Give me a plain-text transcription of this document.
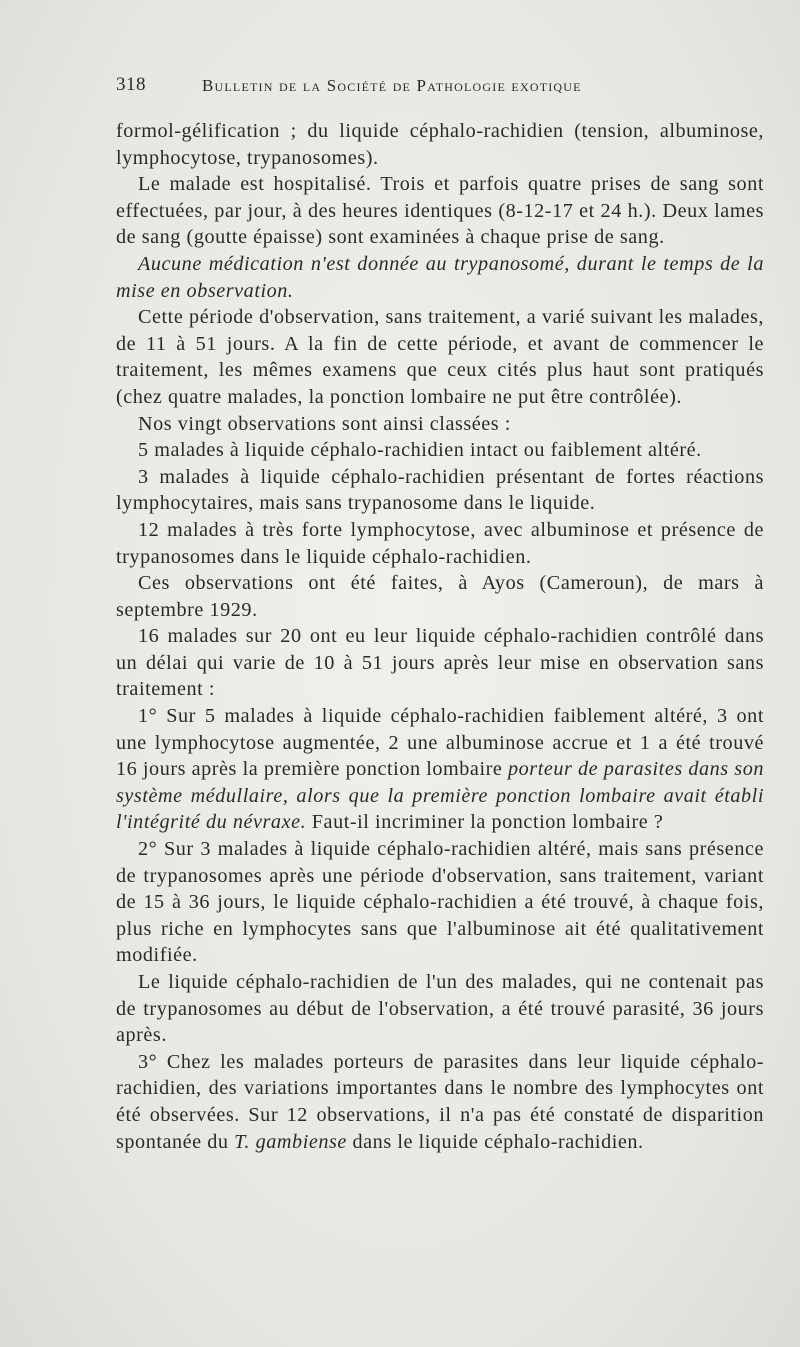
318	Bulletin de la Société de Pathologie exotique

formol-gélification ; du liquide céphalo-rachidien (tension, albuminose, lymphocytose, trypanosomes).

Le malade est hospitalisé. Trois et parfois quatre prises de sang sont effectuées, par jour, à des heures identiques (8-12-17 et 24 h.). Deux lames de sang (goutte épaisse) sont examinées à chaque prise de sang.

Aucune médication n'est donnée au trypanosomé, durant le temps de la mise en observation.

Cette période d'observation, sans traitement, a varié suivant les malades, de 11 à 51 jours. A la fin de cette période, et avant de commencer le traitement, les mêmes examens que ceux cités plus haut sont pratiqués (chez quatre malades, la ponction lombaire ne put être contrôlée).

Nos vingt observations sont ainsi classées :

5 malades à liquide céphalo-rachidien intact ou faiblement altéré.

3 malades à liquide céphalo-rachidien présentant de fortes réactions lymphocytaires, mais sans trypanosome dans le liquide.

12 malades à très forte lymphocytose, avec albuminose et présence de trypanosomes dans le liquide céphalo-rachidien.

Ces observations ont été faites, à Ayos (Cameroun), de mars à septembre 1929.

16 malades sur 20 ont eu leur liquide céphalo-rachidien contrôlé dans un délai qui varie de 10 à 51 jours après leur mise en observation sans traitement :

1° Sur 5 malades à liquide céphalo-rachidien faiblement altéré, 3 ont une lymphocytose augmentée, 2 une albuminose accrue et 1 a été trouvé 16 jours après la première ponction lombaire porteur de parasites dans son système médullaire, alors que la première ponction lombaire avait établi l'intégrité du névraxe. Faut-il incriminer la ponction lombaire ?

2° Sur 3 malades à liquide céphalo-rachidien altéré, mais sans présence de trypanosomes après une période d'observation, sans traitement, variant de 15 à 36 jours, le liquide céphalo-rachidien a été trouvé, à chaque fois, plus riche en lymphocytes sans que l'albuminose ait été qualitativement modifiée.

Le liquide céphalo-rachidien de l'un des malades, qui ne contenait pas de trypanosomes au début de l'observation, a été trouvé parasité, 36 jours après.

3° Chez les malades porteurs de parasites dans leur liquide céphalo-rachidien, des variations importantes dans le nombre des lymphocytes ont été observées. Sur 12 observations, il n'a pas été constaté de disparition spontanée du T. gambiense dans le liquide céphalo-rachidien.
